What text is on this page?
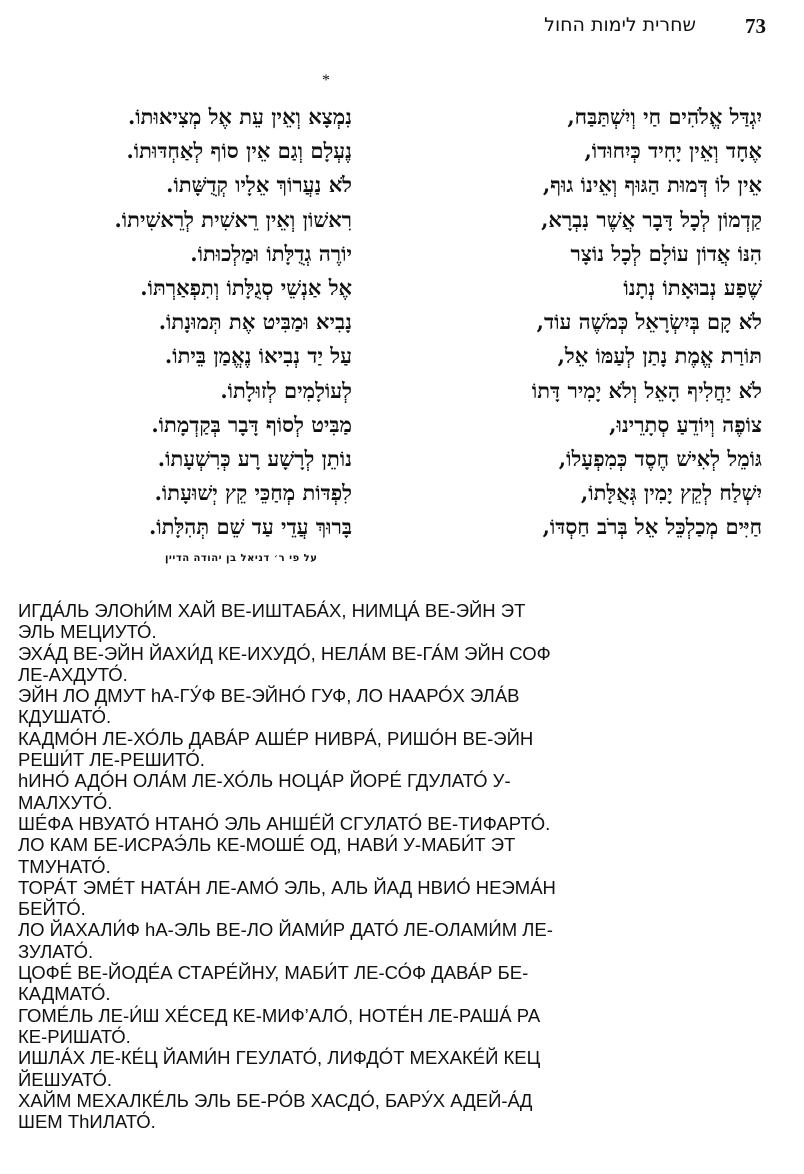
73
שחרית לימות החול
*
יִגְדַּל אֱלֹהִים חַי וְיִשְׁתַּבַּח,
נִמְצָא וְאֵין עֵת אֶל מְצִיאוּתוֹ.
אֶחָד וְאֵין יָחִיד כְּיִחוּדוֹ,
נֶעְלָם וְגַם אֵין סוֹף לְאַחְדּוּתוֹ.
אֵין לוֹ דְּמוּת הַגּוּף וְאֵינוֹ גוּף,
לֹא נַעֲרוֹךְ אֵלָיו קְדֻשָּׁתוֹ.
קַדְמוֹן לְכָל דָּבָר אֲשֶׁר נִבְרָא,
רִאשׁוֹן וְאֵין רֵאשִׁית לְרֵאשִׁיתוֹ.
הִנּוֹ אֲדוֹן עוֹלָם לְכָל נוֹצָר
יוֹרֶה גְדֻלָּתוֹ וּמַלְכוּתוֹ.
שֶׁפַע נְבוּאָתוֹ נְתָנוֹ
אֶל אַנְשֵׁי סְגֻלָּתוֹ וְתִפְאַרְתּוֹ.
לֹא קָם בְּיִשְׂרָאֵל כְּמֹשֶׁה עוֹד,
נָבִיא וּמַבִּיט אֶת תְּמוּנָתוֹ.
תּוֹרַת אֱמֶת נָתַן לְעַמּוֹ אֵל,
עַל יַד נְבִיאוֹ נֶאֱמַן בֵּיתוֹ.
לֹא יַחֲלִיף הָאֵל וְלֹא יָמִיר דָּתוֹ
לְעוֹלָמִים לְזוּלָתוֹ.
צוֹפֶה וְיוֹדֵעַ סְתָרֵינוּ,
מַבִּיט לְסוֹף דָּבָר בְּקַדְמָתוֹ.
גּוֹמֵל לְאִישׁ חֶסֶד כְּמִפְעָלוֹ,
נוֹתֵן לְרָשָׁע רָע כְּרִשְׁעָתוֹ.
יִשְׁלַח לְקֵץ יָמִין גְּאֻלָּתוֹ,
לִפְדּוֹת מְחַכֵּי קֵץ יְשׁוּעָתוֹ.
חַיִּים מְכַלְכֵּל אֵל בְּרֹב חַסְדּוֹ,
בָּרוּךְ עֲדֵי עַד שֵׁם תְּהִלָּתוֹ.
על פי ר׳ דניאל בן יהודה הדיין
ИГДА́ЛЬ ЭЛОhИ́М ХАЙ ВЕ-ИШТАБА́Х, НИМЦА́ ВЕ-ЭЙН ЭТ
ЭЛЬ МЕЦИУТО́.
ЭХА́Д ВЕ-ЭЙН ЙАХИ́Д КЕ-ИХУДО́, НЕЛА́М ВЕ-ГА́М ЭЙН СОФ
ЛЕ-АХДУТО́.
ЭЙН ЛО ДМУТ hА-ГУ́Ф ВЕ-ЭЙНО́ ГУФ, ЛО НААРО́Х ЭЛА́В
КДУШАТО́.
КАДМО́Н ЛЕ-ХО́ЛЬ ДАВА́Р АШЕ́Р НИВРА́, РИШО́Н ВЕ-ЭЙН
РЕШИ́Т ЛЕ-РЕШИТО́.
hИНО́ АДО́Н ОЛА́М ЛЕ-ХО́ЛЬ НОЦА́Р ЙОРЕ́ ГДУЛАТО́ У-
МАЛХУТО́.
ШЕ́ФА НВУАТО́ НТАНО́ ЭЛЬ АНШЕ́Й СГУЛАТО́ ВЕ-ТИФАРТО́.
ЛО КАМ БЕ-ИСРАЭ́ЛЬ КЕ-МОШЕ́ ОД, НАВИ́ У-МАБИ́Т ЭТ
ТМУНАТО́.
ТОРА́Т ЭМЕ́Т НАТА́Н ЛЕ-АМО́ ЭЛЬ, АЛЬ ЙАД НВИО́ НЕЭМА́Н
БЕЙТО́.
ЛО ЙАХАЛИ́Ф hА-ЭЛЬ ВЕ-ЛО ЙАМИ́Р ДАТО́ ЛЕ-ОЛАМИ́М ЛЕ-
ЗУЛАТО́.
ЦОФЕ́ ВЕ-ЙОДЕ́А СТАРЕ́ЙНУ, МАБИ́Т ЛЕ-СО́Ф ДАВА́Р БЕ-
КАДМАТО́.
ГОМЕ́ЛЬ ЛЕ-И́Ш ХЕ́СЕД КЕ-МИФ’АЛО́, НОТЕ́Н ЛЕ-РАША́ РА
КЕ-РИШАТО́.
ИШЛА́Х ЛЕ-КЕ́Ц ЙАМИ́Н ГЕУЛАТО́, ЛИФДО́Т МЕХАКЕ́Й КЕЦ
ЙЕШУАТО́.
ХАЙМ МЕХАЛКЕ́ЛЬ ЭЛЬ БЕ-РО́В ХАСДО́, БАРУ́Х АДЕЙ-А́Д
ШЕМ ТhИЛАТО́.
